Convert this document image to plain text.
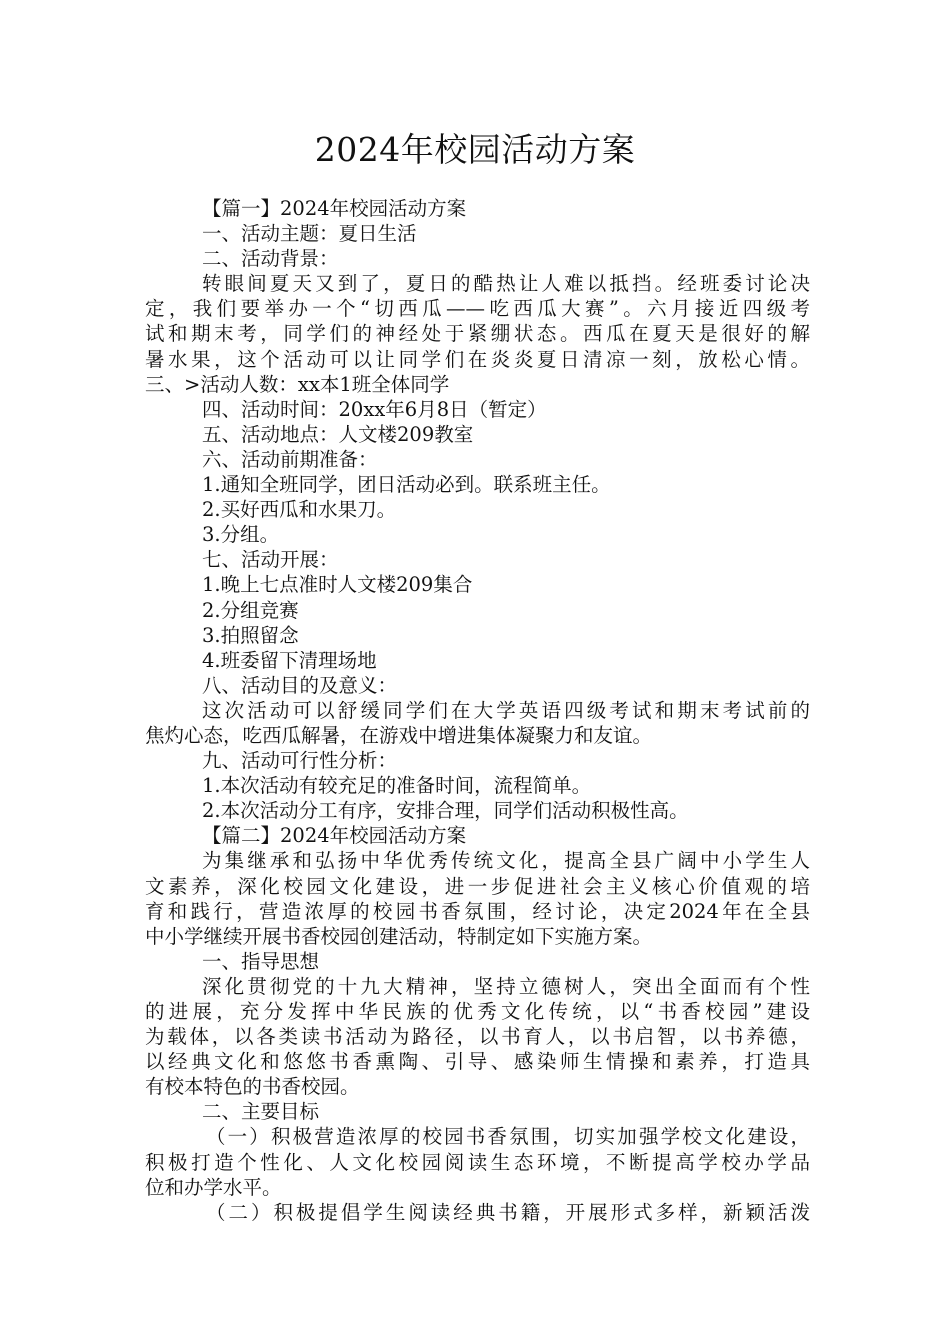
2024年校园活动方案
【篇一】2024年校园活动方案
一、活动主题：夏日生活
二、活动背景：
转眼间夏天又到了，夏日的酷热让人难以抵挡。经班委讨论决
定，我们要举办一个“切西瓜——吃西瓜大赛”。六月接近四级考
试和期末考，同学们的神经处于紧绷状态。西瓜在夏天是很好的解
暑水果，这个活动可以让同学们在炎炎夏日清凉一刻，放松心情。
三、>活动人数：xx本1班全体同学
四、活动时间：20xx年6月8日（暂定）
五、活动地点：人文楼209教室
六、活动前期准备：
1.通知全班同学，团日活动必到。联系班主任。
2.买好西瓜和水果刀。
3.分组。
七、活动开展：
1.晚上七点准时人文楼209集合
2.分组竞赛
3.拍照留念
4.班委留下清理场地
八、活动目的及意义：
这次活动可以舒缓同学们在大学英语四级考试和期末考试前的
焦灼心态，吃西瓜解暑，在游戏中增进集体凝聚力和友谊。
九、活动可行性分析：
1.本次活动有较充足的准备时间，流程简单。
2.本次活动分工有序，安排合理，同学们活动积极性高。
【篇二】2024年校园活动方案
为集继承和弘扬中华优秀传统文化，提高全县广阔中小学生人
文素养，深化校园文化建设，进一步促进社会主义核心价值观的培
育和践行，营造浓厚的校园书香氛围，经讨论，决定2024年在全县
中小学继续开展书香校园创建活动，特制定如下实施方案。
一、指导思想
深化贯彻党的十九大精神，坚持立德树人，突出全面而有个性
的进展，充分发挥中华民族的优秀文化传统，以“书香校园”建设
为载体，以各类读书活动为路径，以书育人，以书启智，以书养德，
以经典文化和悠悠书香熏陶、引导、感染师生情操和素养，打造具
有校本特色的书香校园。
二、主要目标
（一）积极营造浓厚的校园书香氛围，切实加强学校文化建设，
积极打造个性化、人文化校园阅读生态环境，不断提高学校办学品
位和办学水平。
（二）积极提倡学生阅读经典书籍，开展形式多样，新颖活泼
